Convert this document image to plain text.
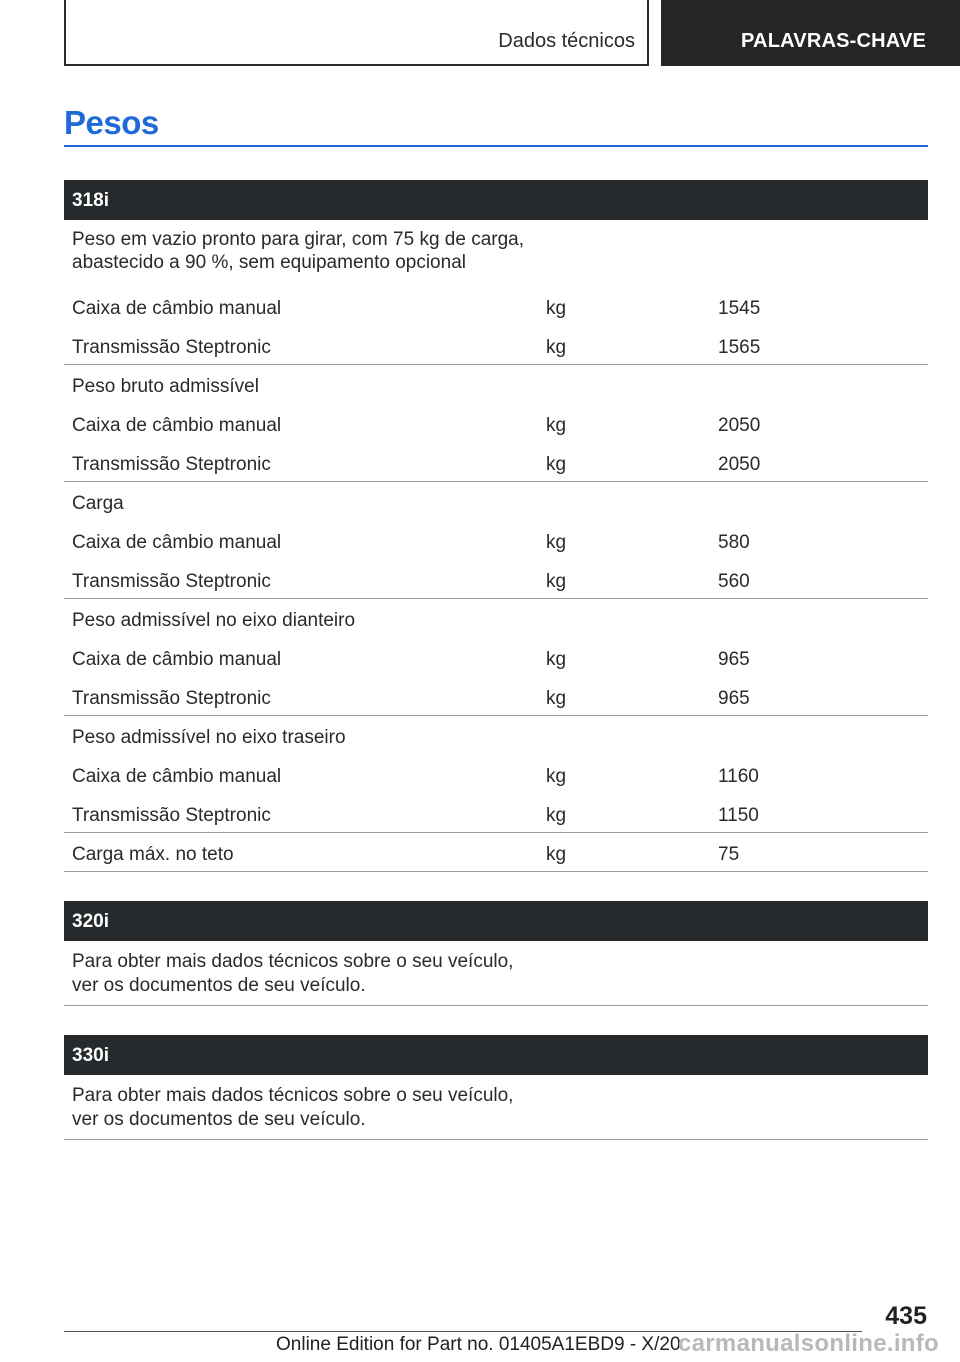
Dados técnicos	PALAVRAS-CHAVE
Pesos
318i
Peso em vazio pronto para girar, com 75 kg de carga,
abastecido a 90 %, sem equipamento opcional
Caixa de câmbio manual	kg	1545
Transmissão Steptronic	kg	1565
Peso bruto admissível
Caixa de câmbio manual	kg	2050
Transmissão Steptronic	kg	2050
Carga
Caixa de câmbio manual	kg	580
Transmissão Steptronic	kg	560
Peso admissível no eixo dianteiro
Caixa de câmbio manual	kg	965
Transmissão Steptronic	kg	965
Peso admissível no eixo traseiro
Caixa de câmbio manual	kg	1160
Transmissão Steptronic	kg	1150
Carga máx. no teto	kg	75
320i
Para obter mais dados técnicos sobre o seu veículo,
ver os documentos de seu veículo.
330i
Para obter mais dados técnicos sobre o seu veículo,
ver os documentos de seu veículo.
435
Online Edition for Part no. 01405A1EBD9 - X/20
carmanualsonline.info
